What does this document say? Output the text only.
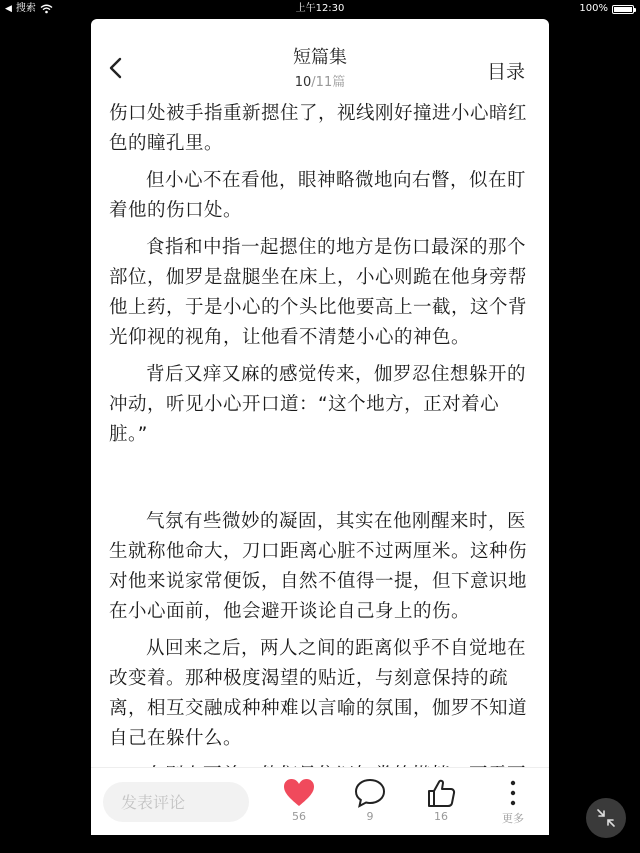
◀ 搜索	上午12:30	100%
短篇集
10/11篇	目录

伤口处被手指重新摁住了，视线刚好撞进小心暗红色的瞳孔里。

但小心不在看他，眼神略微地向右瞥，似在盯着他的伤口处。

食指和中指一起摁住的地方是伤口最深的那个部位，伽罗是盘腿坐在床上，小心则跪在他身旁帮他上药，于是小心的个头比他要高上一截，这个背光仰视的视角，让他看不清楚小心的神色。

背后又痒又麻的感觉传来，伽罗忍住想躲开的冲动，听见小心开口道：“这个地方，正对着心脏。”

气氛有些微妙的凝固，其实在他刚醒来时，医生就称他命大，刀口距离心脏不过两厘米。这种伤对他来说家常便饭，自然不值得一提，但下意识地在小心面前，他会避开谈论自己身上的伤。

从回来之后，两人之间的距离似乎不自觉地在改变着。那种极度渴望的贴近，与刻意保持的疏离，相互交融成种种难以言喻的氛围，伽罗不知道自己在躲什么。

发表评论
56	9	16	更多
